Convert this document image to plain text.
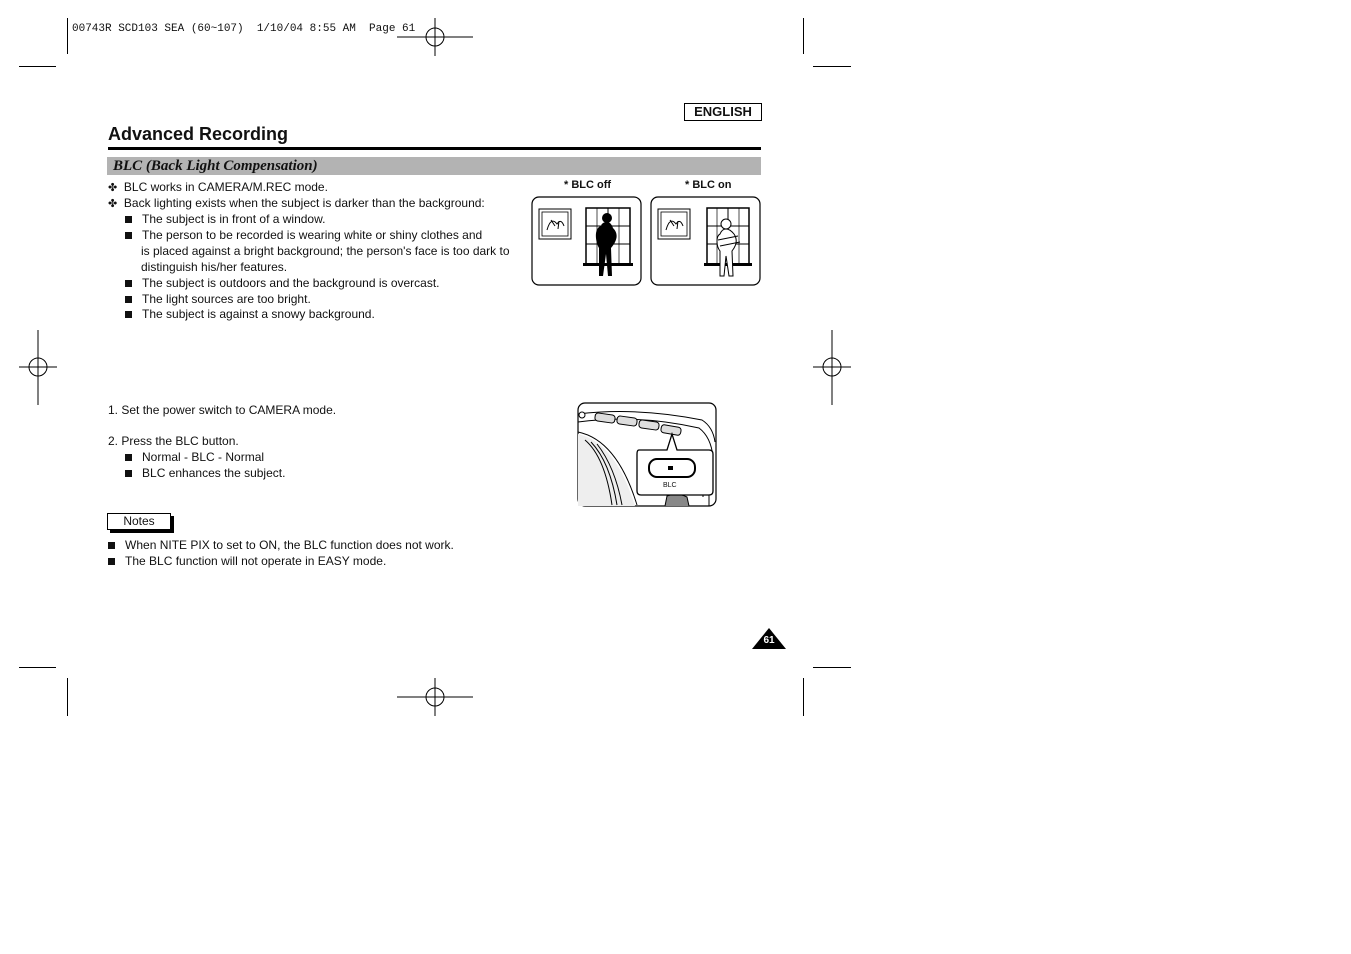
00743R SCD103 SEA (60~107)  1/10/04 8:55 AM  Page 61
ENGLISH
Advanced Recording
BLC (Back Light Compensation)
✤ BLC works in CAMERA/M.REC mode.
✤ Back lighting exists when the subject is darker than the background:
The subject is in front of a window.
The person to be recorded is wearing white or shiny clothes and
is placed against a bright background; the person's face is too dark to
distinguish his/her features.
The subject is outdoors and the background is overcast.
The light sources are too bright.
The subject is against a snowy background.
* BLC off	* BLC on
1. Set the power switch to CAMERA mode.
2. Press the BLC button.
Normal - BLC - Normal
BLC enhances the subject.
BLC
Notes
When NITE PIX to set to ON, the BLC function does not work.
The BLC function will not operate in EASY mode.
61
